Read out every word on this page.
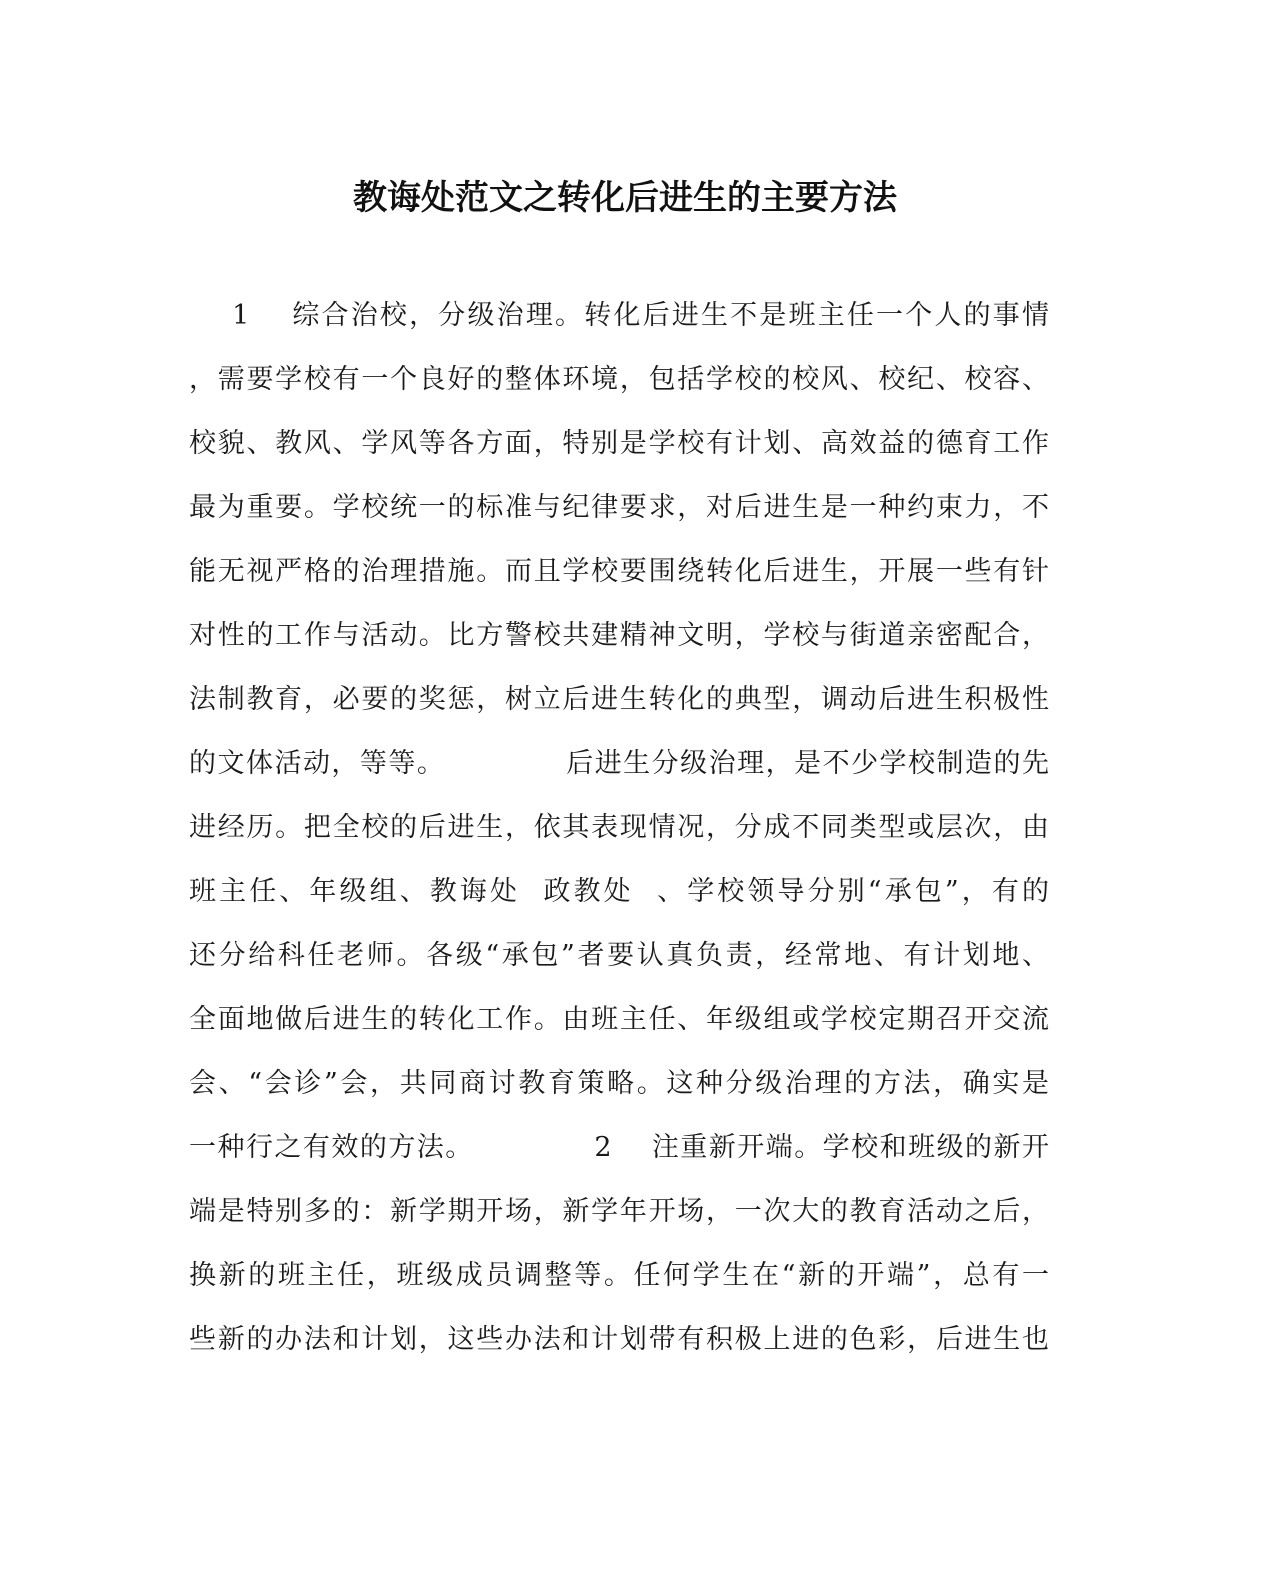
教诲处范文之转化后进生的主要方法
1    综合治校，分级治理。转化后进生不是班主任一个人的事情
，需要学校有一个良好的整体环境，包括学校的校风、校纪、校容、
校貌、教风、学风等各方面，特别是学校有计划、高效益的德育工作
最为重要。学校统一的标准与纪律要求，对后进生是一种约束力，不
能无视严格的治理措施。而且学校要围绕转化后进生，开展一些有针
对性的工作与活动。比方警校共建精神文明，学校与街道亲密配合，
法制教育，必要的奖惩，树立后进生转化的典型，调动后进生积极性
的文体活动，等等。            后进生分级治理，是不少学校制造的先
进经历。把全校的后进生，依其表现情况，分成不同类型或层次，由
班主任、年级组、教诲处  政教处  、学校领导分别“承包”，有的
还分给科任老师。各级“承包”者要认真负责，经常地、有计划地、
全面地做后进生的转化工作。由班主任、年级组或学校定期召开交流
会、“会诊”会，共同商讨教育策略。这种分级治理的方法，确实是
一种行之有效的方法。            2    注重新开端。学校和班级的新开
端是特别多的：新学期开场，新学年开场，一次大的教育活动之后，
换新的班主任，班级成员调整等。任何学生在“新的开端”，总有一
些新的办法和计划，这些办法和计划带有积极上进的色彩，后进生也
